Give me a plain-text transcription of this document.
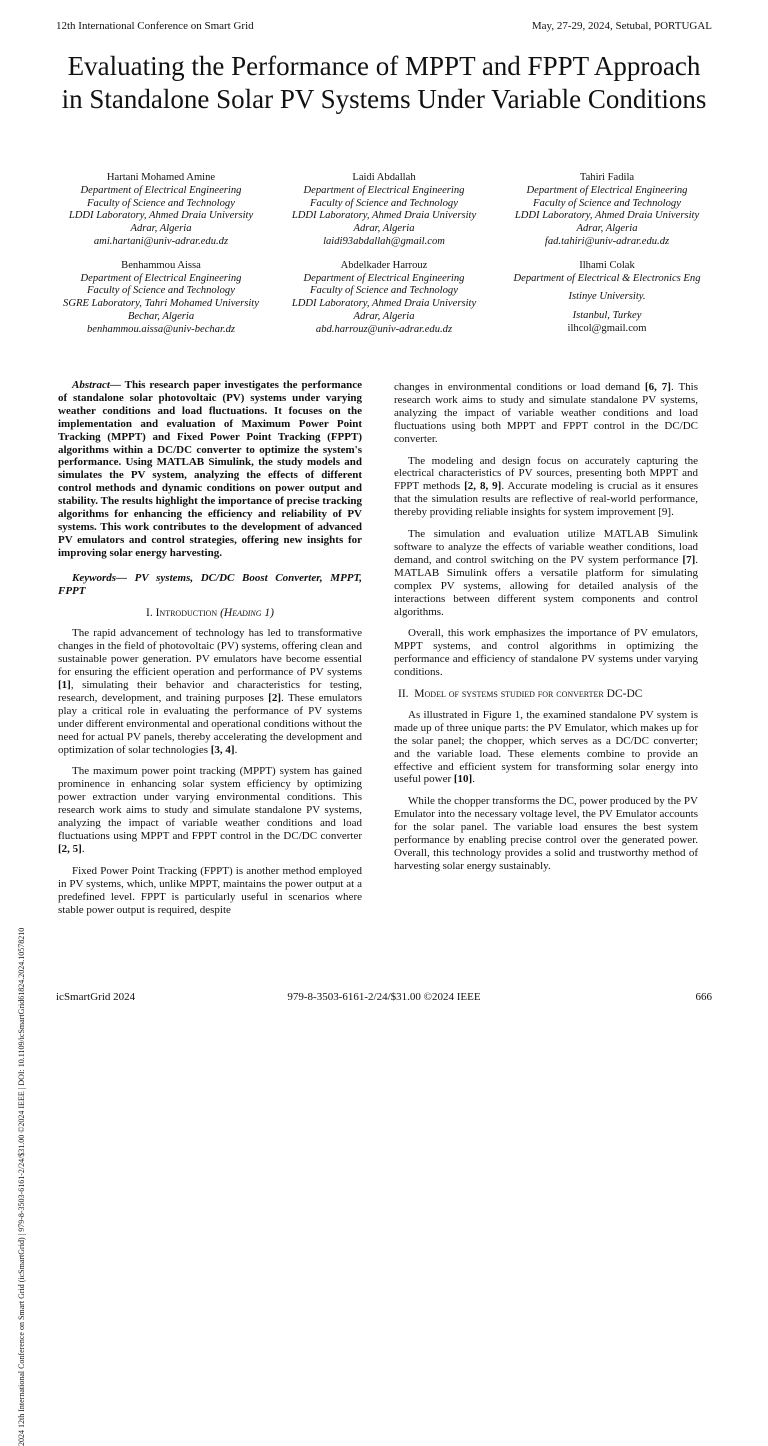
12th International Conference on Smart Grid	May, 27-29, 2024, Setubal, PORTUGAL
2024 12th International Conference on Smart Grid (icSmartGrid) | 979-8-3503-6161-2/24/$31.00 ©2024 IEEE | DOI: 10.1109/icSmartGrid61824.2024.10578210
Evaluating the Performance of MPPT and FPPT Approach in Standalone Solar PV Systems Under Variable Conditions
Hartani Mohamed Amine
Department of Electrical Engineering
Faculty of Science and Technology
LDDI Laboratory, Ahmed Draia University
Adrar, Algeria
ami.hartani@univ-adrar.edu.dz
Laidi Abdallah
Department of Electrical Engineering
Faculty of Science and Technology
LDDI Laboratory, Ahmed Draia University
Adrar, Algeria
laidi93abdallah@gmail.com
Tahiri Fadila
Department of Electrical Engineering
Faculty of Science and Technology
LDDI Laboratory, Ahmed Draia University
Adrar, Algeria
fad.tahiri@univ-adrar.edu.dz
Benhammou Aissa
Department of Electrical Engineering
Faculty of Science and Technology
SGRE Laboratory, Tahri Mohamed University
Bechar, Algeria
benhammou.aissa@univ-bechar.dz
Abdelkader Harrouz
Department of Electrical Engineering
Faculty of Science and Technology
LDDI Laboratory, Ahmed Draia University
Adrar, Algeria
abd.harrouz@univ-adrar.edu.dz
Ilhami Colak
Department of Electrical & Electronics Eng
Istinye University.
Istanbul, Turkey
ilhcol@gmail.com

Abstract— This research paper investigates the performance of standalone solar photovoltaic (PV) systems under varying weather conditions and load fluctuations. It focuses on the implementation and evaluation of Maximum Power Point Tracking (MPPT) and Fixed Power Point Tracking (FPPT) algorithms within a DC/DC converter to optimize the system's performance. Using MATLAB Simulink, the study models and simulates the PV system, analyzing the effects of different control methods and dynamic conditions on power output and stability. The results highlight the importance of precise tracking algorithms for enhancing the efficiency and reliability of PV systems. This work contributes to the development of advanced PV emulators and control strategies, offering new insights for improving solar energy harvesting.

Keywords— PV systems, DC/DC Boost Converter, MPPT, FPPT

I. Introduction (Heading 1)

The rapid advancement of technology has led to transformative changes in the field of photovoltaic (PV) systems, offering clean and sustainable power generation. PV emulators have become essential for ensuring the efficient operation and performance of PV systems [1], simulating their behavior and characteristics for testing, research, development, and training purposes [2]. These emulators play a critical role in evaluating the performance of PV systems under different environmental and operational conditions without the need for actual PV panels, thereby accelerating the development and optimization of solar technologies [3, 4].

The maximum power point tracking (MPPT) system has gained prominence in enhancing solar system efficiency by optimizing power extraction under varying environmental conditions. This research work aims to study and simulate standalone PV systems, analyzing the impact of variable weather conditions and load fluctuations using MPPT and FPPT control in the DC/DC converter [2, 5].

Fixed Power Point Tracking (FPPT) is another method employed in PV systems, which, unlike MPPT, maintains the power output at a predefined level. FPPT is particularly useful in scenarios where stable power output is required, despite

changes in environmental conditions or load demand [6, 7]. This research work aims to study and simulate standalone PV systems, analyzing the impact of variable weather conditions and load fluctuations using both MPPT and FPPT control in the DC/DC converter.

The modeling and design focus on accurately capturing the electrical characteristics of PV sources, presenting both MPPT and FPPT methods [2, 8, 9]. Accurate modeling is crucial as it ensures that the simulation results are reflective of real-world performance, thereby providing reliable insights for system improvement [9].

The simulation and evaluation utilize MATLAB Simulink software to analyze the effects of variable weather conditions, load demand, and control switching on the PV system performance [7]. MATLAB Simulink offers a versatile platform for simulating complex PV systems, allowing for detailed analysis of the interactions between different system components and control algorithms.

Overall, this work emphasizes the importance of PV emulators, MPPT systems, and control algorithms in optimizing the performance and efficiency of standalone PV systems under varying conditions.

II. Model of systems studied for converter DC-DC

As illustrated in Figure 1, the examined standalone PV system is made up of three unique parts: the PV Emulator, which makes up for the solar panel; the chopper, which serves as a DC/DC converter; and the variable load. These elements combine to provide an effective and efficient system for transforming solar energy into useful power [10].

While the chopper transforms the DC, power produced by the PV Emulator into the necessary voltage level, the PV Emulator accounts for the solar panel. The variable load ensures the best system performance by enabling precise control over the generated power. Overall, this technology provides a solid and trustworthy method of harvesting solar energy sustainably.

icSmartGrid 2024	979-8-3503-6161-2/24/$31.00 ©2024 IEEE	666
